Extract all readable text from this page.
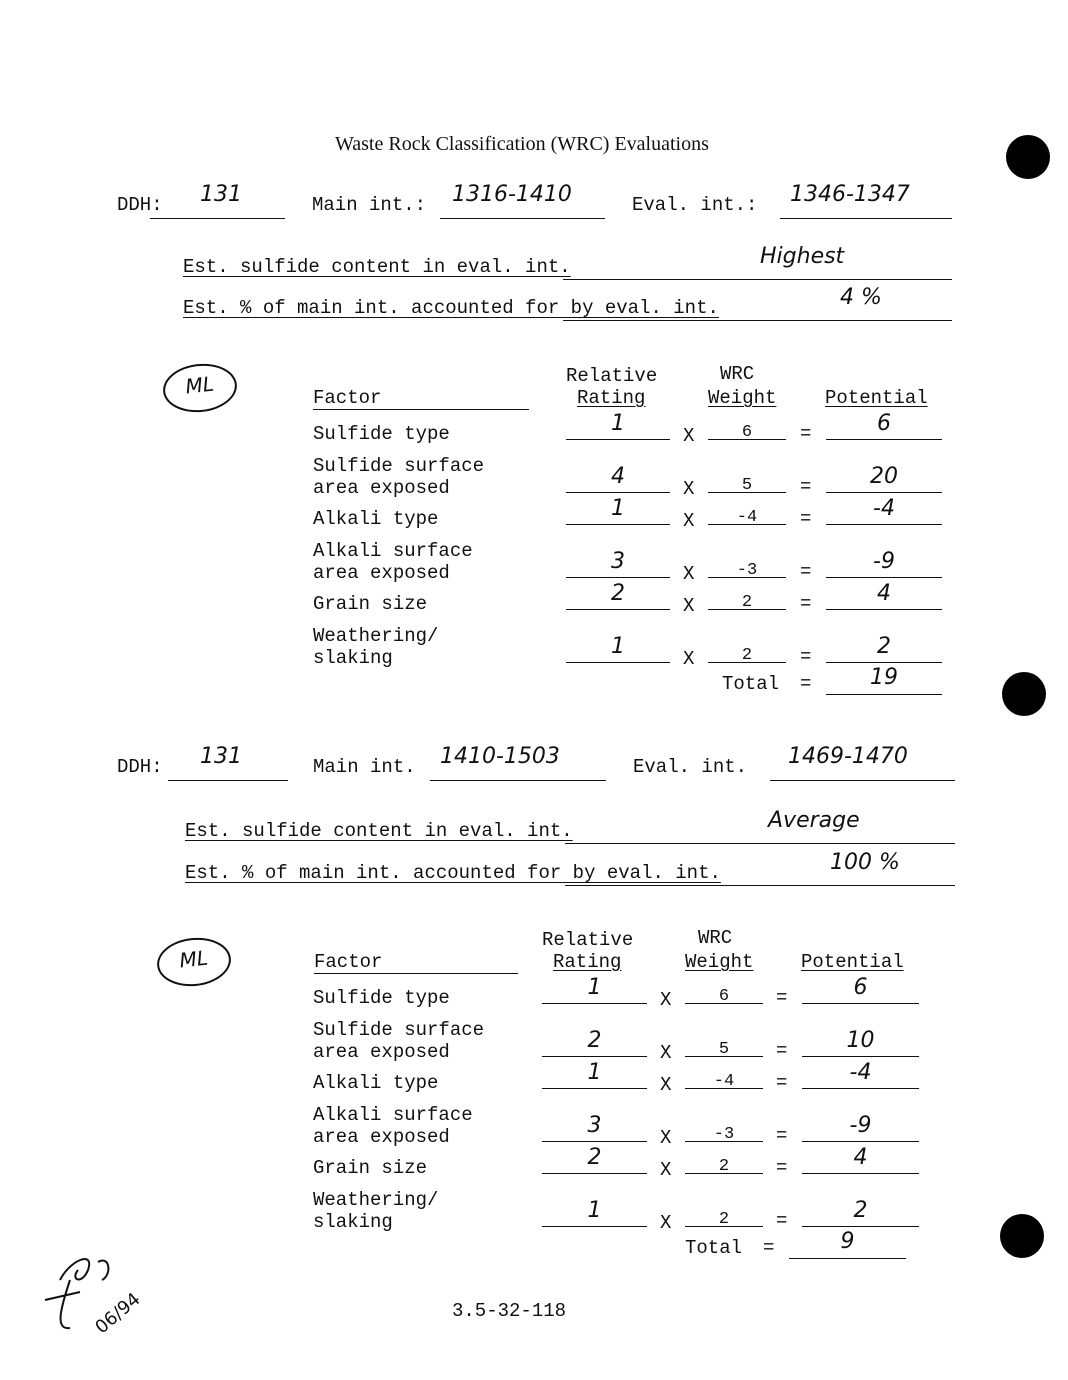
Waste Rock Classification (WRC) Evaluations
DDH: 131	Main int.: 1316-1410	Eval. int.: 1346-1347
Est. sulfide content in eval. int.	Highest
Est. % of main int. accounted for by eval. int.	4 %
ML	Relative
Rating
WRC
Weight	Potential
Factor
Sulfide type	1	X	6	=	6
Sulfide surface
area exposed	4	X	5	=	20
Alkali type	1	X	-4	=	-4
Alkali surface
area exposed	3	X	-3	=	-9
Grain size	2	X	2	=	4
Weathering/
slaking	1	X	2	=	2
Total =	19
DDH: 131	Main int. 1410-1503	Eval. int. 1469-1470
Est. sulfide content in eval. int.	Average
Est. % of main int. accounted for by eval. int.	100 %
ML
Relative
Rating
WRC
Weight	Potential
Factor
Sulfide type	1	X	6	=	6
Sulfide surface
area exposed	2	X	5	=	10
Alkali type	1	X	-4	=	-4
Alkali surface
area exposed	3	X	-3	=	-9
Grain size	2	X	2	=	4
Weathering/
slaking	1	X	2	=	2
Total =	9
3.5-32-118
06/94
